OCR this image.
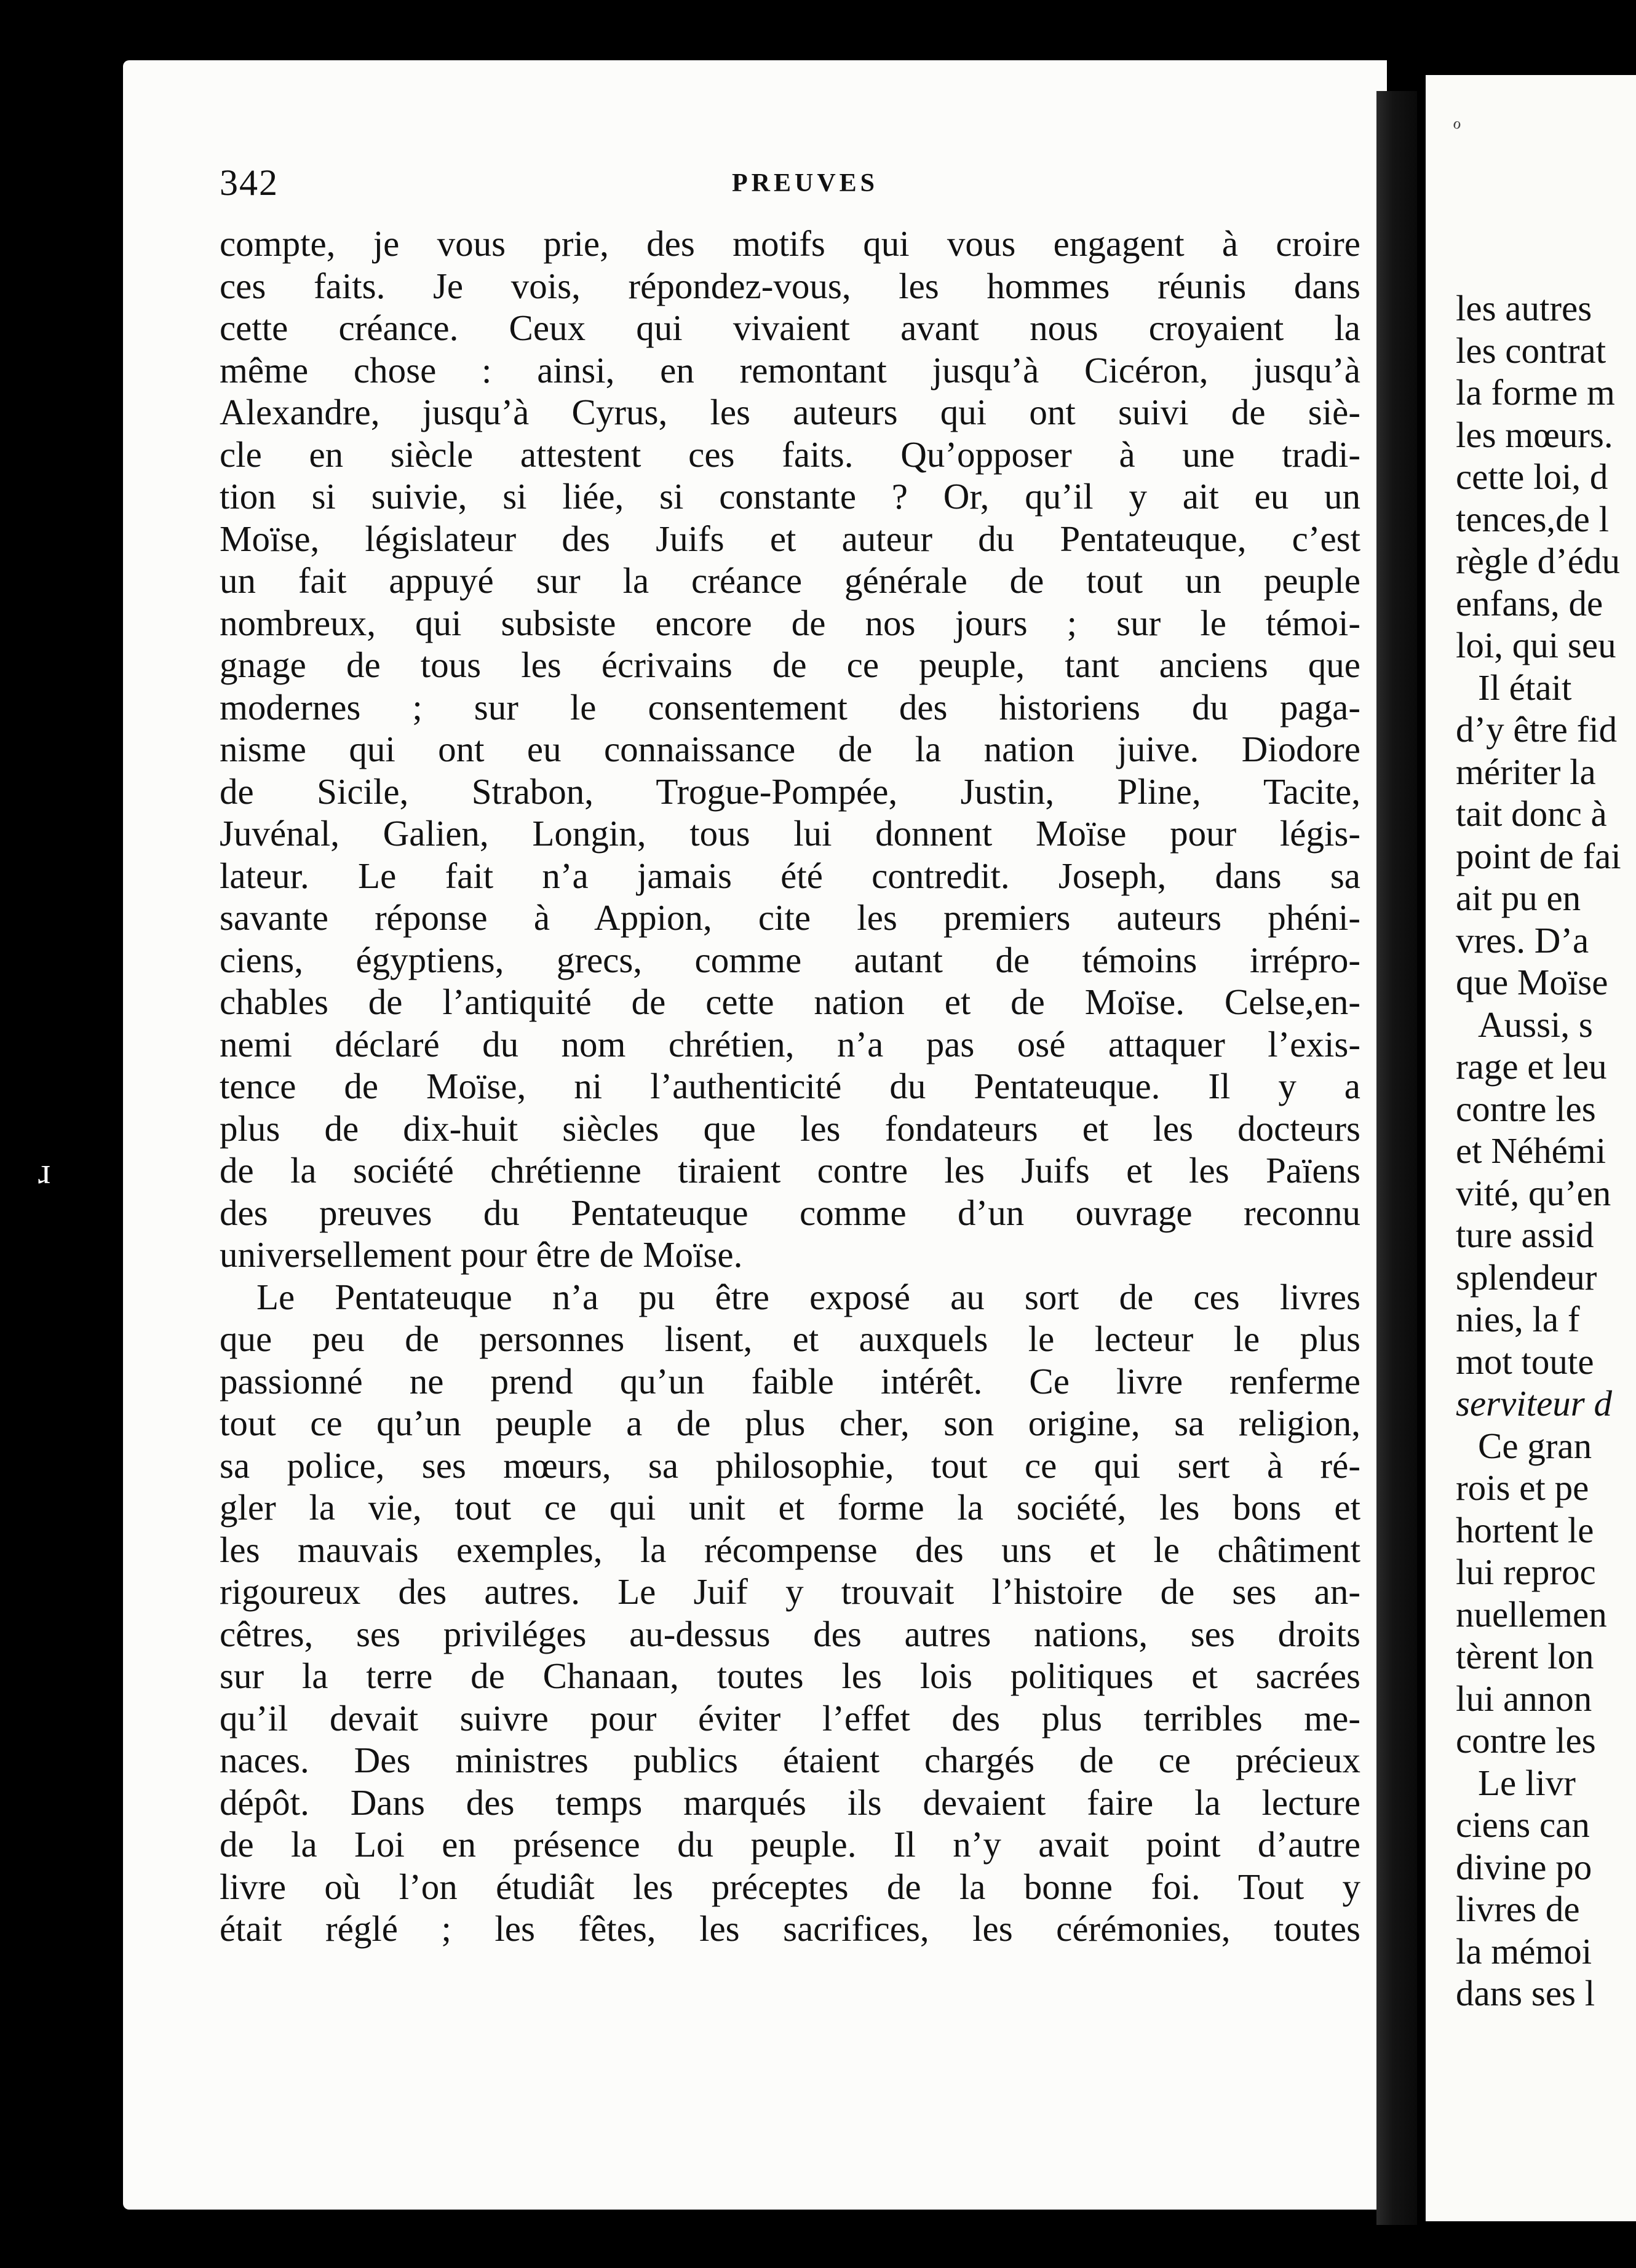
ɹ
342	PREUVES
compte, je vous prie, des motifs qui vous engagent à croire
ces faits. Je vois, répondez-vous, les hommes réunis dans
cette créance. Ceux qui vivaient avant nous croyaient la
même chose : ainsi, en remontant jusqu’à Cicéron, jusqu’à
Alexandre, jusqu’à Cyrus, les auteurs qui ont suivi de siè-
cle en siècle attestent ces faits. Qu’opposer à une tradi-
tion si suivie, si liée, si constante ? Or, qu’il y ait eu un
Moïse, législateur des Juifs et auteur du Pentateuque, c’est
un fait appuyé sur la créance générale de tout un peuple
nombreux, qui subsiste encore de nos jours ; sur le témoi-
gnage de tous les écrivains de ce peuple, tant anciens que
modernes ; sur le consentement des historiens du paga-
nisme qui ont eu connaissance de la nation juive. Diodore
de Sicile, Strabon, Trogue-Pompée, Justin, Pline, Tacite,
Juvénal, Galien, Longin, tous lui donnent Moïse pour légis-
lateur. Le fait n’a jamais été contredit. Joseph, dans sa
savante réponse à Appion, cite les premiers auteurs phéni-
ciens, égyptiens, grecs, comme autant de témoins irrépro-
chables de l’antiquité de cette nation et de Moïse. Celse,en-
nemi déclaré du nom chrétien, n’a pas osé attaquer l’exis-
tence de Moïse, ni l’authenticité du Pentateuque. Il y a
plus de dix-huit siècles que les fondateurs et les docteurs
de la société chrétienne tiraient contre les Juifs et les Païens
des preuves du Pentateuque comme d’un ouvrage reconnu
universellement pour être de Moïse.
Le Pentateuque n’a pu être exposé au sort de ces livres
que peu de personnes lisent, et auxquels le lecteur le plus
passionné ne prend qu’un faible intérêt. Ce livre renferme
tout ce qu’un peuple a de plus cher, son origine, sa religion,
sa police, ses mœurs, sa philosophie, tout ce qui sert à ré-
gler la vie, tout ce qui unit et forme la société, les bons et
les mauvais exemples, la récompense des uns et le châtiment
rigoureux des autres. Le Juif y trouvait l’histoire de ses an-
cêtres, ses priviléges au-dessus des autres nations, ses droits
sur la terre de Chanaan, toutes les lois politiques et sacrées
qu’il devait suivre pour éviter l’effet des plus terribles me-
naces. Des ministres publics étaient chargés de ce précieux
dépôt. Dans des temps marqués ils devaient faire la lecture
de la Loi en présence du peuple. Il n’y avait point d’autre
livre où l’on étudiât les préceptes de la bonne foi. Tout y
était réglé ; les fêtes, les sacrifices, les cérémonies, toutes
ℴ
les autres
les contrat
la forme m
les mœurs.
cette loi, d
tences,de l
règle d’édu
enfans, de
loi, qui seu
Il était
d’y être fid
mériter la
tait donc à
point de fai
ait pu en
vres. D’a
que Moïse
Aussi, s
rage et leu
contre les
et Néhémi
vité, qu’en
ture assid
splendeur
nies, la f
mot toute
serviteur d
Ce gran
rois et pe
hortent le
lui reproc
nuellemen
tèrent lon
lui annon
contre les
Le livr
ciens can
divine po
livres de
la mémoi
dans ses l
